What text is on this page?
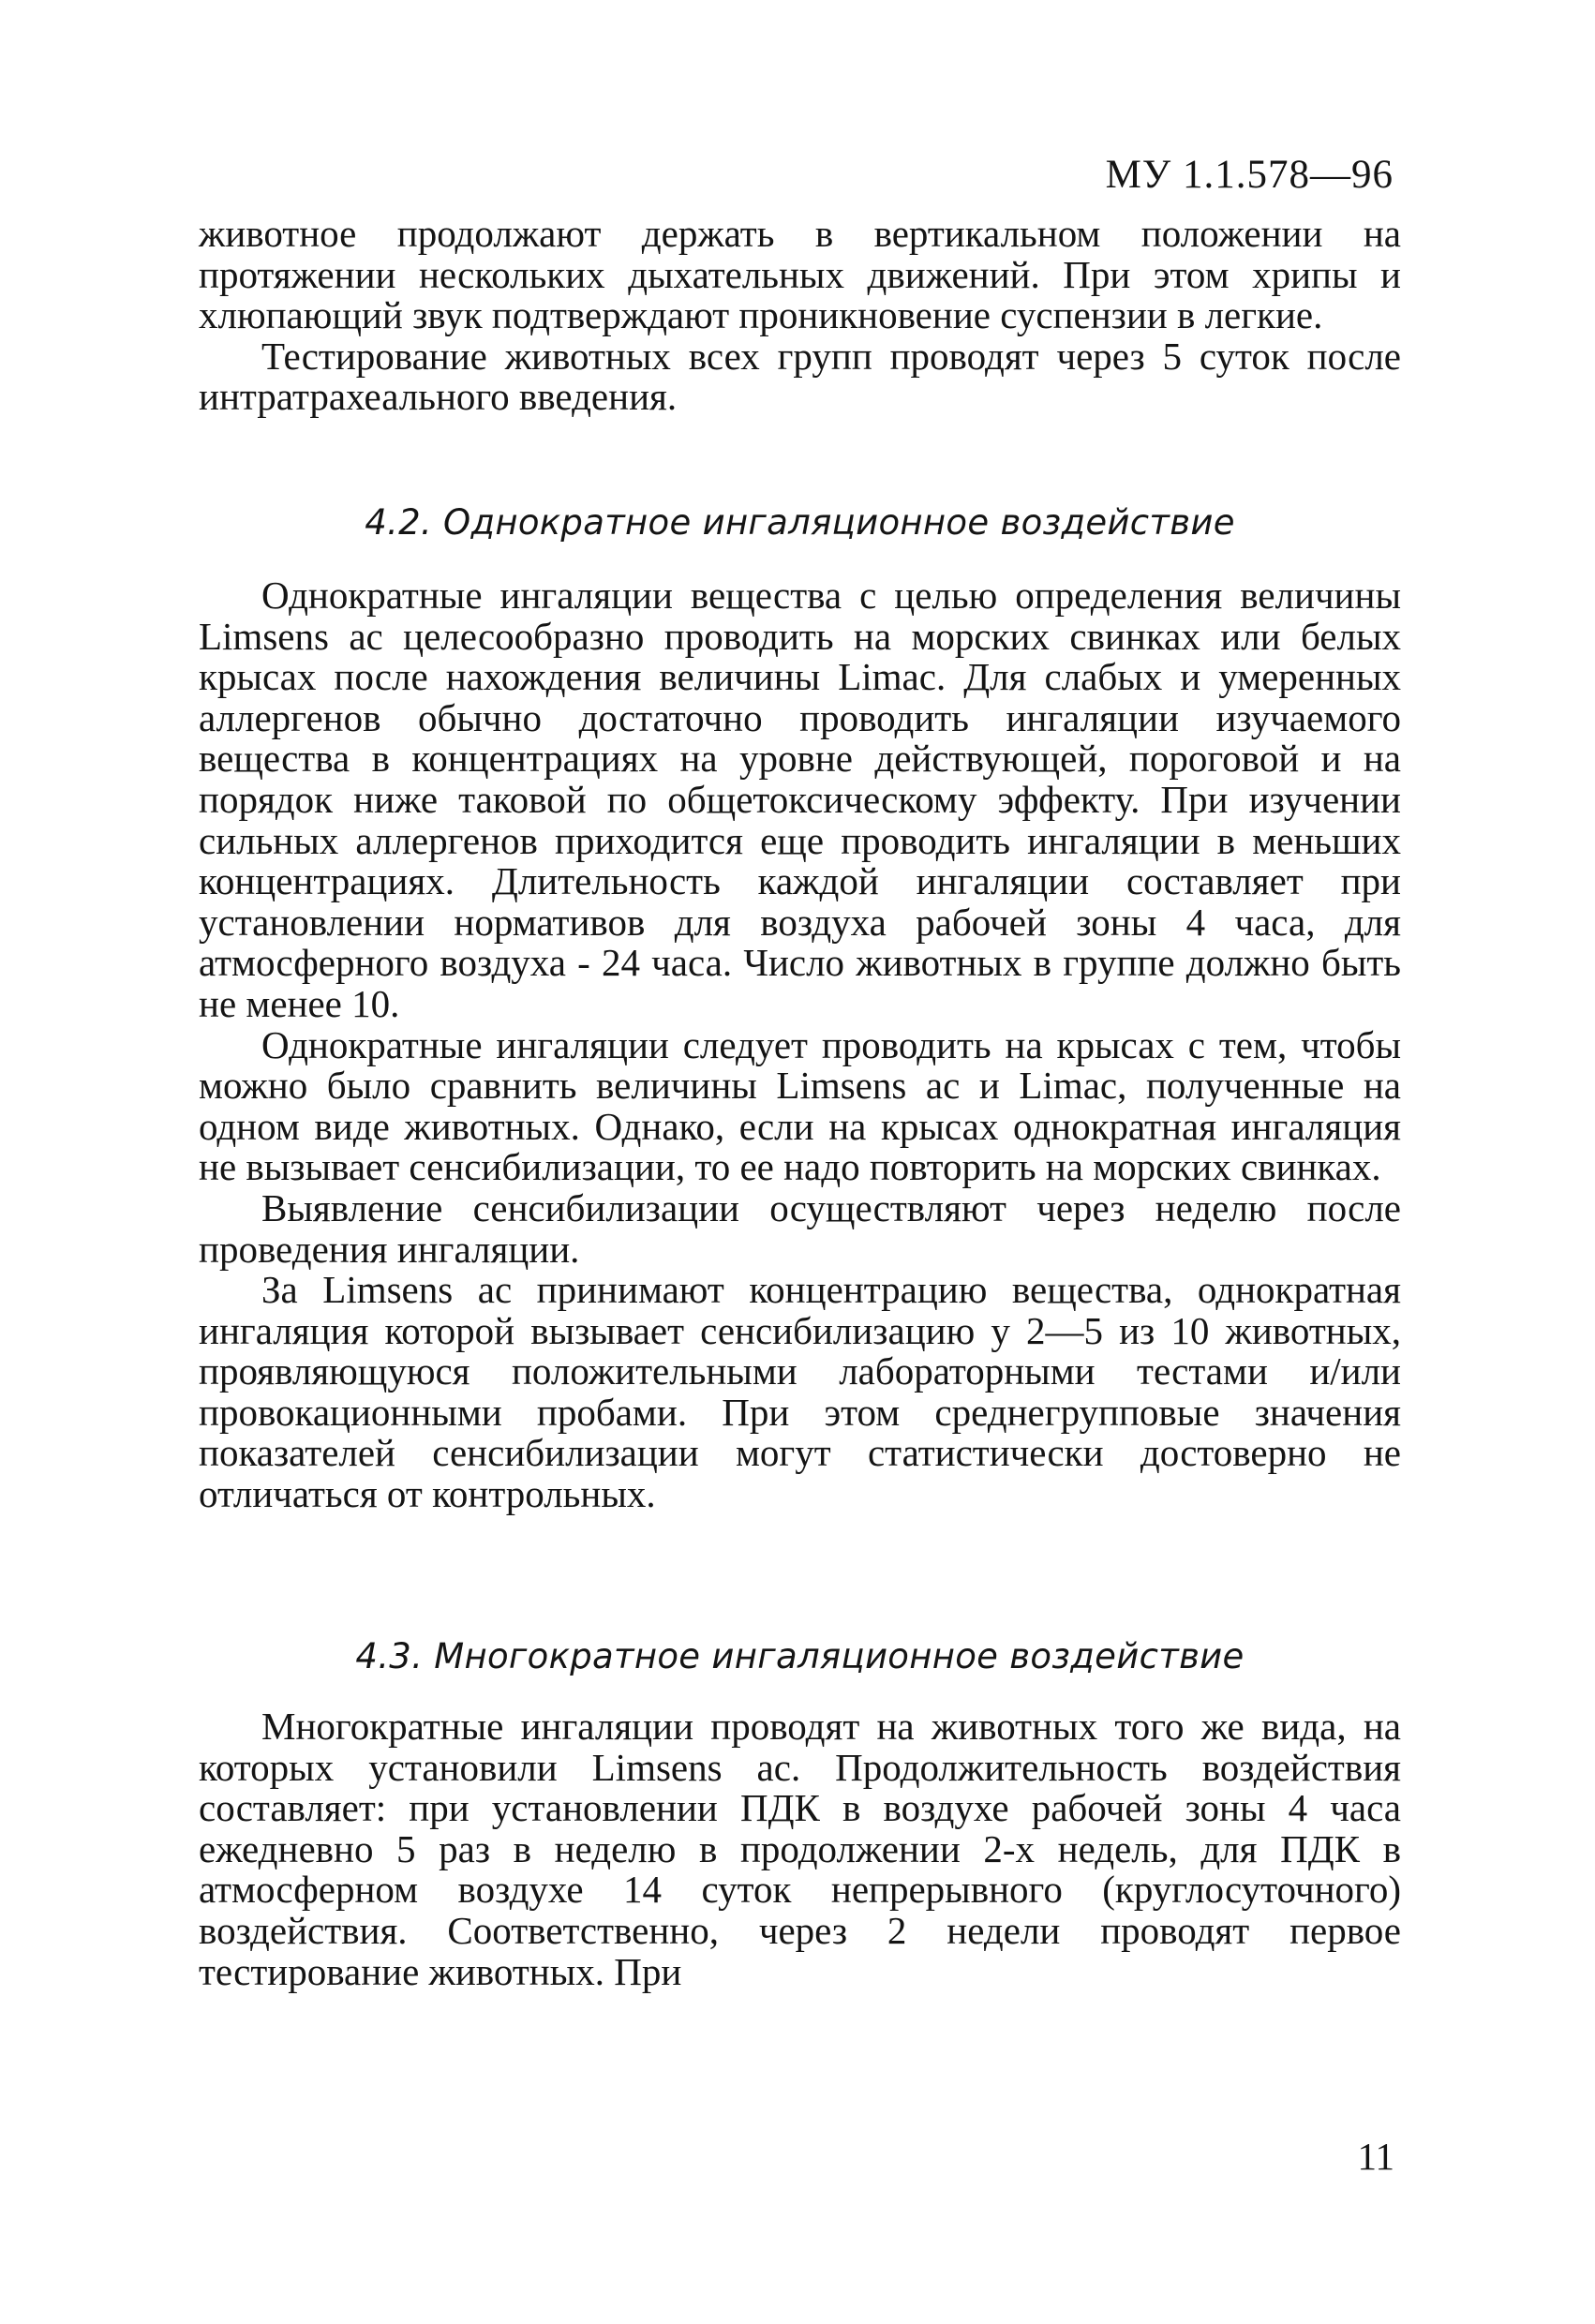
МУ 1.1.578—96

животное продолжают держать в вертикальном положении на протяжении нескольких дыхательных движений. При этом хрипы и хлюпающий звук подтверждают проникновение суспензии в легкие.

Тестирование животных всех групп проводят через 5 суток после интратрахеального введения.

4.2. Однократное ингаляционное воздействие

Однократные ингаляции вещества с целью определения величины Limsens ac целесообразно проводить на морских свинках или белых крысах после нахождения величины Limac. Для слабых и умеренных аллергенов обычно достаточно проводить ингаляции изучаемого вещества в концентрациях на уровне действующей, пороговой и на порядок ниже таковой по общетоксическому эффекту. При изучении сильных аллергенов приходится еще проводить ингаляции в меньших концентрациях. Длительность каждой ингаляции составляет при установлении нормативов для воздуха рабочей зоны 4 часа, для атмосферного воздуха - 24 часа. Число животных в группе должно быть не менее 10.

Однократные ингаляции следует проводить на крысах с тем, чтобы можно было сравнить величины Limsens ac и Limac, полученные на одном виде животных. Однако, если на крысах однократная ингаляция не вызывает сенсибилизации, то ее надо повторить на морских свинках.

Выявление сенсибилизации осуществляют через неделю после проведения ингаляции.

За Limsens ac принимают концентрацию вещества, однократная ингаляция которой вызывает сенсибилизацию у 2—5 из 10 животных, проявляющуюся положительными лабораторными тестами и/или провокационными пробами. При этом среднегрупповые значения показателей сенсибилизации могут статистически достоверно не отличаться от контрольных.

4.3. Многократное ингаляционное воздействие

Многократные ингаляции проводят на животных того же вида, на которых установили Limsens ac. Продолжительность воздействия составляет: при установлении ПДК в воздухе рабочей зоны 4 часа ежедневно 5 раз в неделю в продолжении 2-х недель, для ПДК в атмосферном воздухе 14 суток непрерывного (круглосуточного) воздействия. Соответственно, через 2 недели проводят первое тестирование животных. При

11
